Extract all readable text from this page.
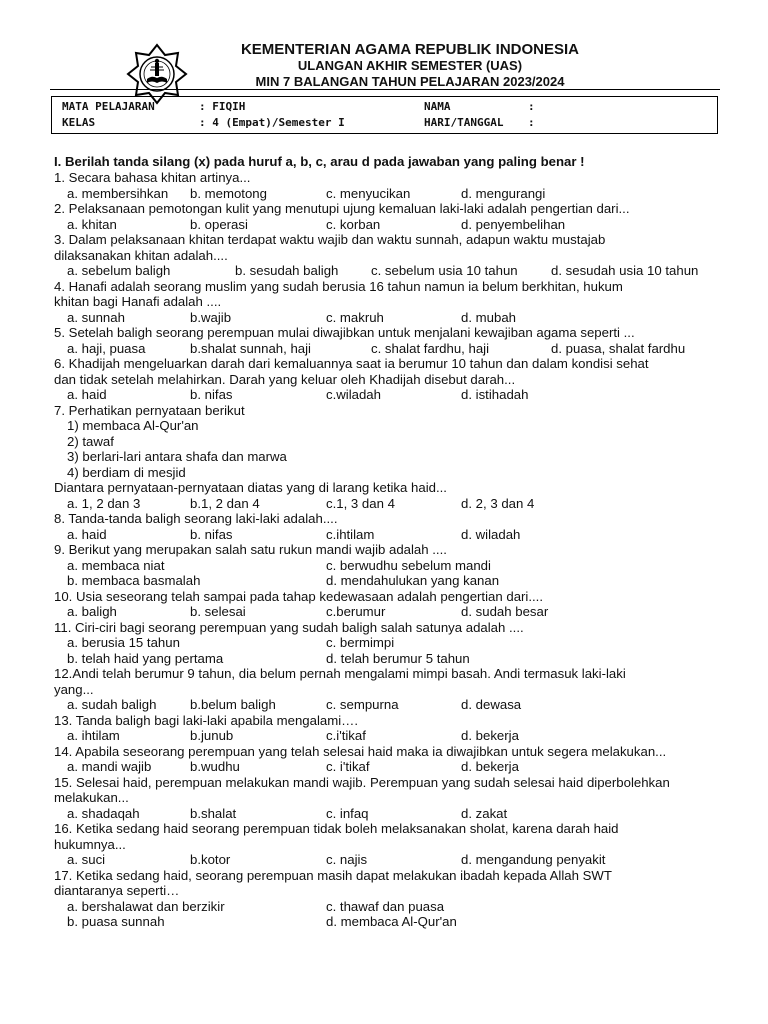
KEMENTERIAN AGAMA REPUBLIK INDONESIA
ULANGAN AKHIR SEMESTER (UAS)
MIN 7 BALANGAN TAHUN PELAJARAN 2023/2024
MATA PELAJARAN	: FIQIH
KELAS	: 4 (Empat)/Semester I
NAMA	:
HARI/TANGGAL :
I. Berilah tanda silang (x) pada huruf a, b, c, arau d pada jawaban yang paling benar !
1. Secara bahasa khitan artinya...
a. membersihkan b. memotong	c. menyucikan	d. mengurangi
2. Pelaksanaan pemotongan kulit yang menutupi ujung kemaluan laki-laki adalah pengertian dari...
a. khitan	b. operasi	c. korban	d. penyembelihan
3. Dalam pelaksanaan khitan terdapat waktu wajib dan waktu sunnah, adapun waktu mustajab
dilaksanakan khitan adalah....
a. sebelum baligh	b. sesudah baligh c. sebelum usia 10 tahun	d. sesudah usia 10 tahun
4. Hanafi adalah seorang muslim yang sudah berusia 16 tahun namun ia belum berkhitan, hukum
khitan bagi Hanafi adalah ....
a. sunnah	b.wajib	c. makruh	d. mubah
5. Setelah baligh seorang perempuan mulai diwajibkan untuk menjalani kewajiban agama seperti ...
a. haji, puasa	b.shalat sunnah, haji	c. shalat fardhu, haji	d. puasa, shalat fardhu
6. Khadijah mengeluarkan darah dari kemaluannya saat ia berumur 10 tahun dan dalam kondisi sehat
dan tidak setelah melahirkan. Darah yang keluar oleh Khadijah disebut darah...
a. haid	b. nifas	c.wiladah	d. istihadah
7. Perhatikan pernyataan berikut
1) membaca Al-Qur'an
2) tawaf
3) berlari-lari antara shafa dan marwa
4) berdiam di mesjid
Diantara pernyataan-pernyataan diatas yang di larang ketika haid...
a. 1, 2 dan 3	b.1, 2 dan 4	c.1, 3 dan 4	d. 2, 3 dan 4
8. Tanda-tanda baligh seorang laki-laki adalah....
a. haid	b. nifas	c.ihtilam	d. wiladah
9. Berikut yang merupakan salah satu rukun mandi wajib adalah ....
a. membaca niat	c. berwudhu sebelum mandi
b. membaca basmalah	d. mendahulukan yang kanan
10. Usia seseorang telah sampai pada tahap kedewasaan adalah pengertian dari....
a. baligh	b. selesai	c.berumur	d. sudah besar
11. Ciri-ciri bagi seorang perempuan yang sudah baligh salah satunya adalah ....
a. berusia 15 tahun	c. bermimpi
b. telah haid yang pertama	d. telah berumur 5 tahun
12.Andi telah berumur 9 tahun, dia belum pernah mengalami mimpi basah. Andi termasuk laki-laki
yang...
a. sudah baligh	b.belum baligh	c. sempurna	d. dewasa
13. Tanda baligh bagi laki-laki apabila mengalami….
a. ihtilam	b.junub	c.i'tikaf	d. bekerja
14. Apabila seseorang perempuan yang telah selesai haid maka ia diwajibkan untuk segera melakukan...
a. mandi wajib	b.wudhu	c. i'tikaf	d. bekerja
15. Selesai haid, perempuan melakukan mandi wajib. Perempuan yang sudah selesai haid diperbolehkan
melakukan...
a. shadaqah	b.shalat	c. infaq	d. zakat
16. Ketika sedang haid seorang perempuan tidak boleh melaksanakan sholat, karena darah haid
hukumnya...
a. suci	b.kotor	c. najis	d. mengandung penyakit
17. Ketika sedang haid, seorang perempuan masih dapat melakukan ibadah kepada Allah SWT
diantaranya seperti…
a. bershalawat dan berzikir	c. thawaf dan puasa
b. puasa sunnah	d. membaca Al-Qur'an
